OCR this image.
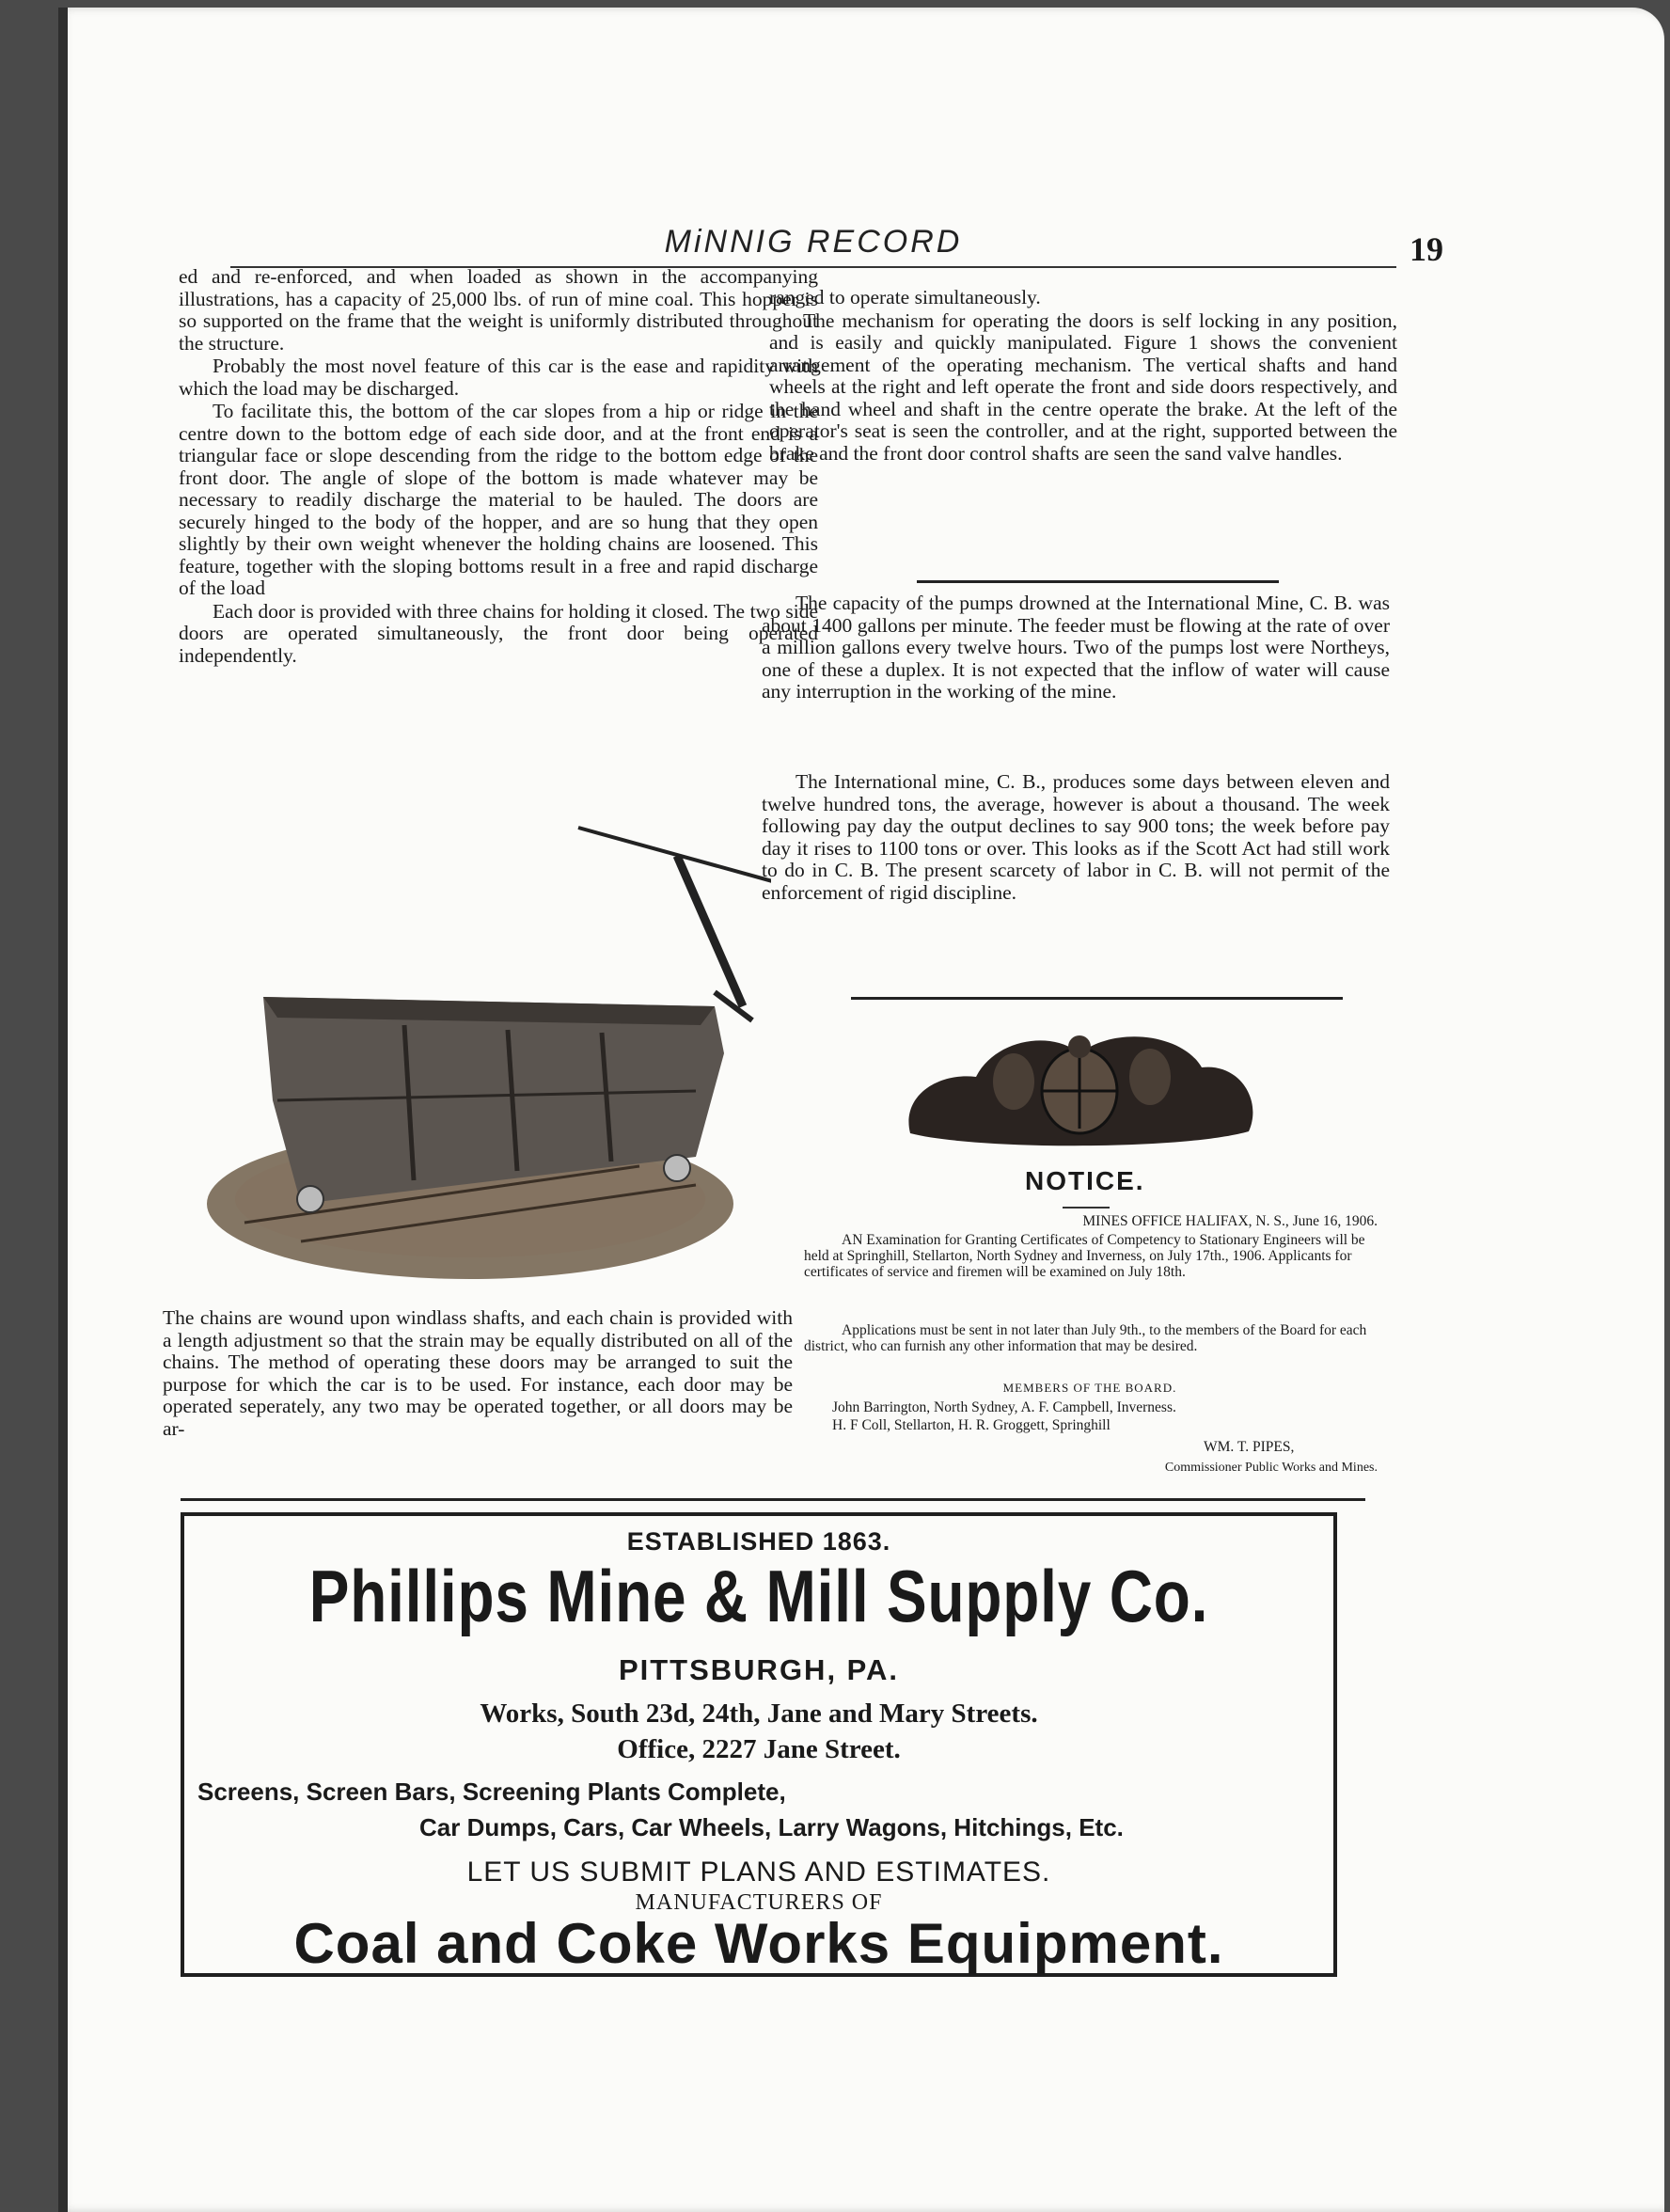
MiNNIG RECORD	19

ed and re-enforced, and when loaded as shown in the accompanying illustrations, has a capacity of 25,000 lbs. of run of mine coal. This hopper is so supported on the frame that the weight is uniformly distributed throughout the structure.

Probably the most novel feature of this car is the ease and rapidity with which the load may be discharged.

To facilitate this, the bottom of the car slopes from a hip or ridge in the centre down to the bottom edge of each side door, and at the front end is a triangular face or slope descending from the ridge to the bottom edge of the front door. The angle of slope of the bottom is made whatever may be necessary to readily discharge the material to be hauled. The doors are securely hinged to the body of the hopper, and are so hung that they open slightly by their own weight whenever the holding chains are loosened. This feature, together with the sloping bottoms result in a free and rapid discharge of the load

Each door is provided with three chains for holding it closed. The two side doors are operated simultaneously, the front door being operated independently.

The chains are wound upon windlass shafts, and each chain is provided with a length adjustment so that the strain may be equally distributed on all of the chains. The method of operating these doors may be arranged to suit the purpose for which the car is to be used. For instance, each door may be operated seperately, any two may be operated together, or all doors may be ar-

ranged to operate simultaneously.

The mechanism for operating the doors is self locking in any position, and is easily and quickly manipulated. Figure 1 shows the convenient arrangement of the operating mechanism. The vertical shafts and hand wheels at the right and left operate the front and side doors respectively, and the hand wheel and shaft in the centre operate the brake. At the left of the operator's seat is seen the controller, and at the right, supported between the brake and the front door control shafts are seen the sand valve handles.

The capacity of the pumps drowned at the International Mine, C. B. was about 1400 gallons per minute. The feeder must be flowing at the rate of over a million gallons every twelve hours. Two of the pumps lost were Northeys, one of these a duplex. It is not expected that the inflow of water will cause any interruption in the working of the mine.

The International mine, C. B., produces some days between eleven and twelve hundred tons, the average, however is about a thousand. The week following pay day the output declines to say 900 tons; the week before pay day it rises to 1100 tons or over. This looks as if the Scott Act had still work to do in C. B. The present scarcety of labor in C. B. will not permit of the enforcement of rigid discipline.

NOTICE.
MINES OFFICE HALIFAX, N. S., June 16, 1906.
AN Examination for Granting Certificates of Competency to Stationary Engineers will be held at Springhill, Stellarton, North Sydney and Inverness, on July 17th., 1906. Applicants for certificates of service and firemen will be examined on July 18th.
Applications must be sent in not later than July 9th., to the members of the Board for each district, who can furnish any other information that may be desired.
MEMBERS OF THE BOARD.
John Barrington, North Sydney, A. F. Campbell, Inverness.
H. F Coll, Stellarton, H. R. Groggett, Springhill
WM. T. PIPES,
Commissioner Public Works and Mines.
ESTABLISHED 1863.
Phillips Mine & Mill Supply Co.
PITTSBURGH, PA.
Works, South 23d, 24th, Jane and Mary Streets.
Office, 2227 Jane Street.
Screens, Screen Bars, Screening Plants Complete,
Car Dumps, Cars, Car Wheels, Larry Wagons, Hitchings, Etc.
LET US SUBMIT PLANS AND ESTIMATES.
MANUFACTURERS OF
Coal and Coke Works Equipment.
